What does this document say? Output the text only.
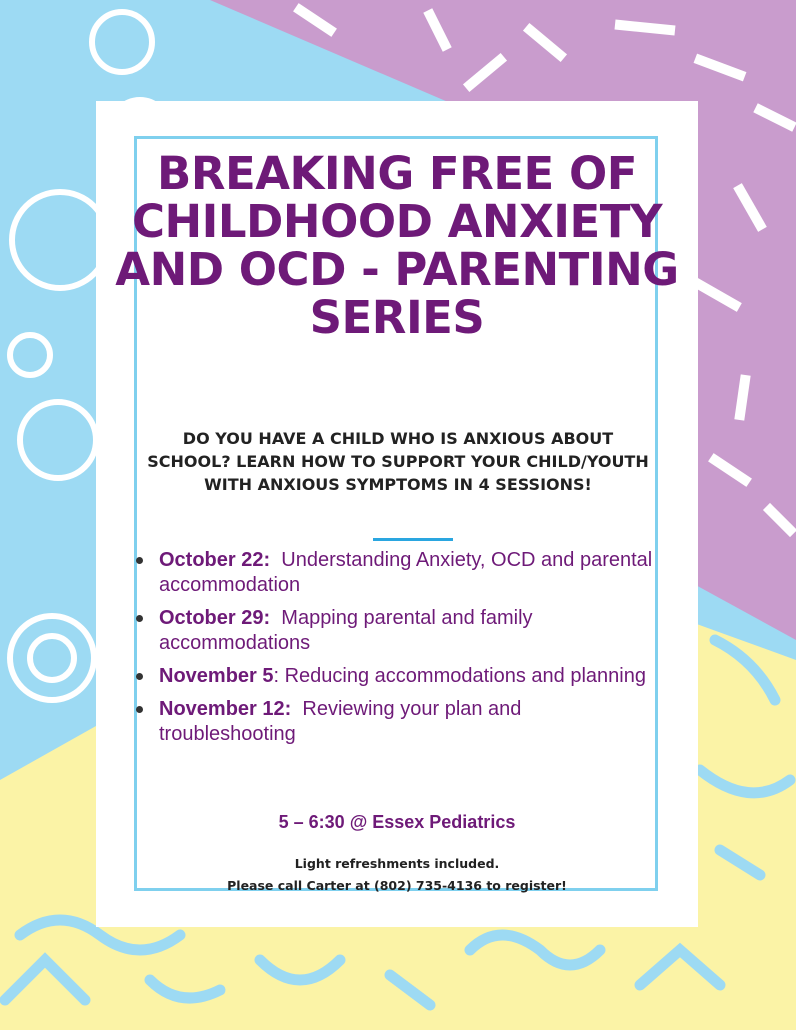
BREAKING FREE OF CHILDHOOD ANXIETY AND OCD - PARENTING SERIES

DO YOU HAVE A CHILD WHO IS ANXIOUS ABOUT SCHOOL? LEARN HOW TO SUPPORT YOUR CHILD/YOUTH WITH ANXIOUS SYMPTOMS IN 4 SESSIONS!

October 22: Understanding Anxiety, OCD and parental accommodation
October 29: Mapping parental and family accommodations
November 5: Reducing accommodations and planning
November 12: Reviewing your plan and troubleshooting

5 – 6:30 @ Essex Pediatrics

Light refreshments included.
Please call Carter at (802) 735-4136 to register!
